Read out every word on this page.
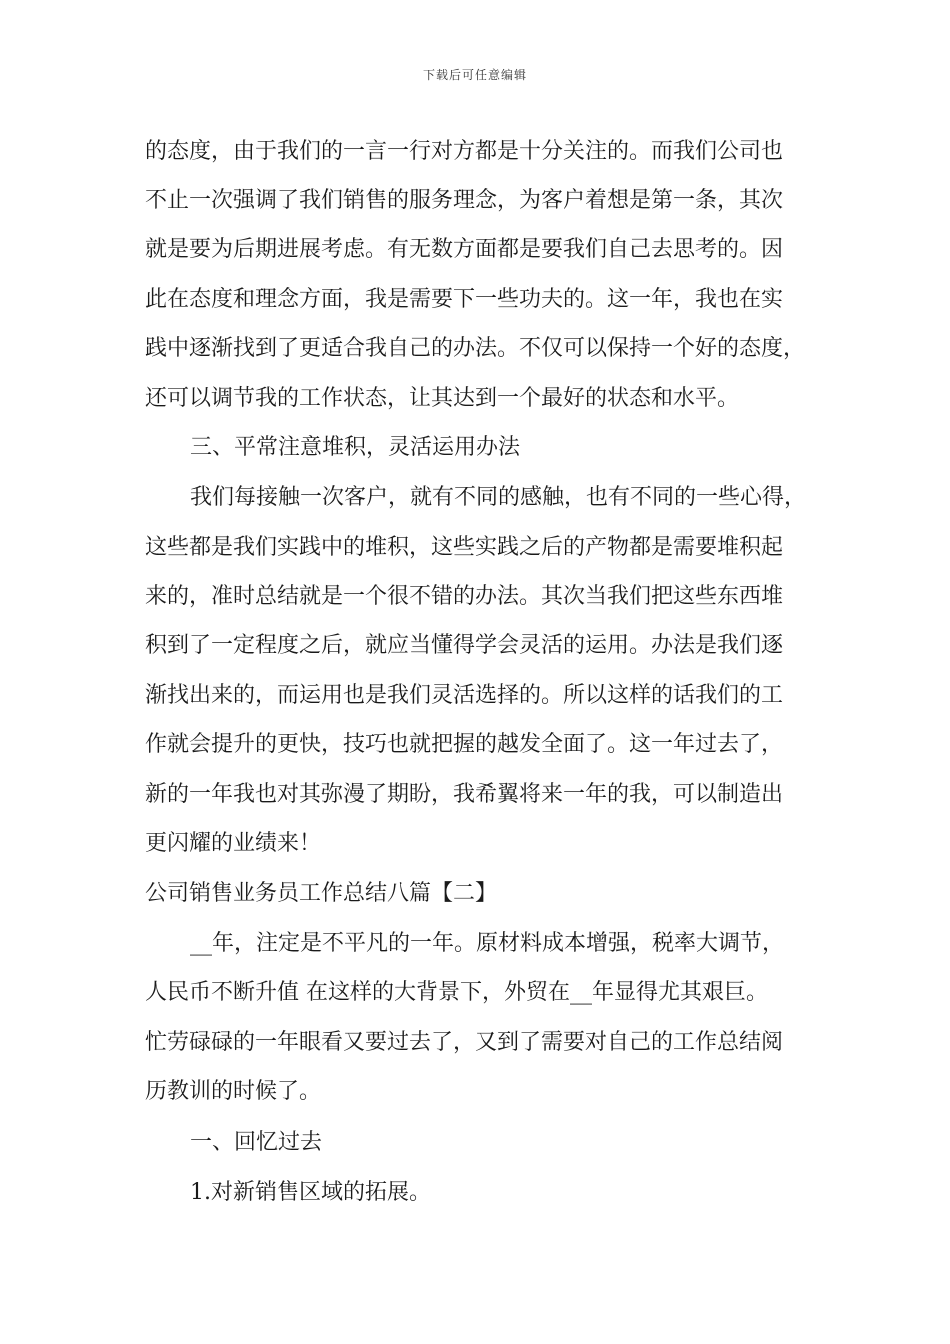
下载后可任意编辑
的态度，由于我们的一言一行对方都是十分关注的。而我们公司也
不止一次强调了我们销售的服务理念，为客户着想是第一条，其次
就是要为后期进展考虑。有无数方面都是要我们自己去思考的。因
此在态度和理念方面，我是需要下一些功夫的。这一年，我也在实
践中逐渐找到了更适合我自己的办法。不仅可以保持一个好的态度，
还可以调节我的工作状态，让其达到一个最好的状态和水平。
三、平常注意堆积，灵活运用办法
我们每接触一次客户，就有不同的感触，也有不同的一些心得，
这些都是我们实践中的堆积，这些实践之后的产物都是需要堆积起
来的，准时总结就是一个很不错的办法。其次当我们把这些东西堆
积到了一定程度之后，就应当懂得学会灵活的运用。办法是我们逐
渐找出来的，而运用也是我们灵活选择的。所以这样的话我们的工
作就会提升的更快，技巧也就把握的越发全面了。这一年过去了，
新的一年我也对其弥漫了期盼，我希翼将来一年的我，可以制造出
更闪耀的业绩来！
公司销售业务员工作总结八篇【二】
__年，注定是不平凡的一年。原材料成本增强，税率大调节，
人民币不断升值 在这样的大背景下，外贸在__年显得尤其艰巨。
忙劳碌碌的一年眼看又要过去了，又到了需要对自己的工作总结阅
历教训的时候了。
一、回忆过去
1.对新销售区域的拓展。
